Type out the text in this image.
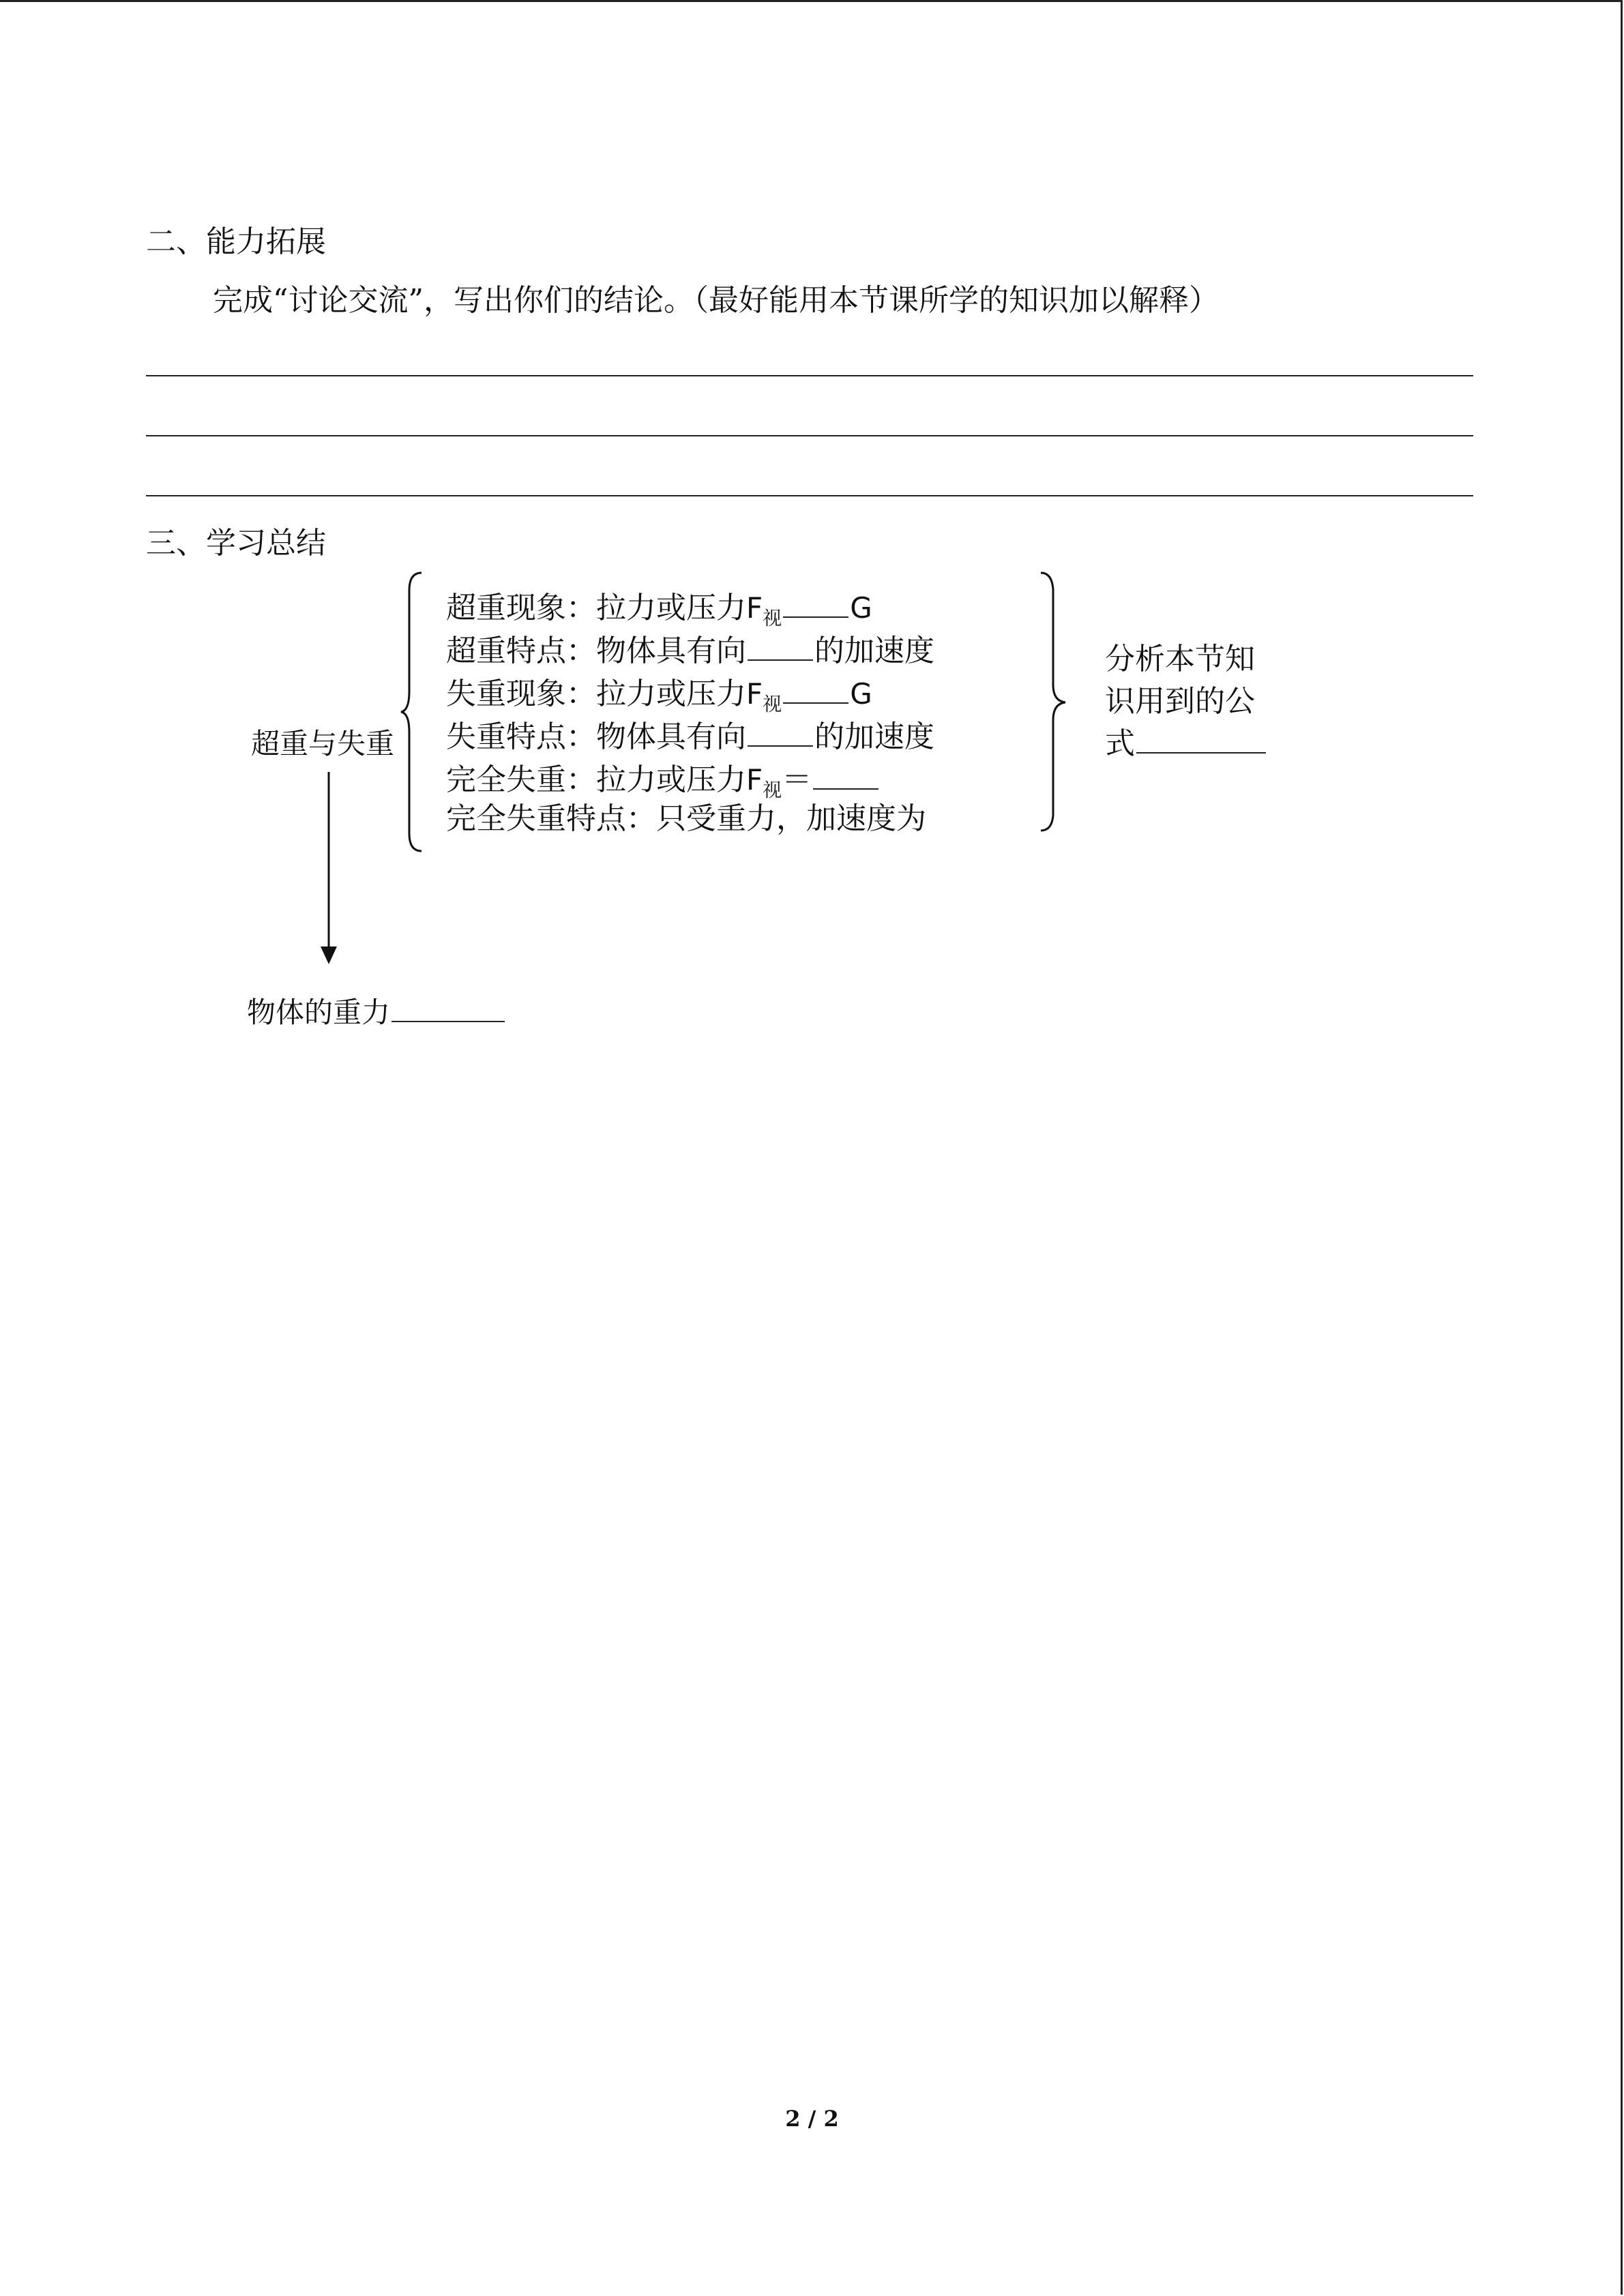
二、能力拓展
完成“讨论交流”，写出你们的结论。（最好能用本节课所学的知识加以解释）
三、学习总结
超重与失重
超重现象：拉力或压力$F_视$ G
超重特点：物体具有向 的加速度
失重现象：拉力或压力$F_视$ G
失重特点：物体具有向 的加速度
完全失重：拉力或压力$F_视=$
完全失重特点：只受重力，加速度为
分析本节知
识用到的公
式
物体的重力
2 / 2
